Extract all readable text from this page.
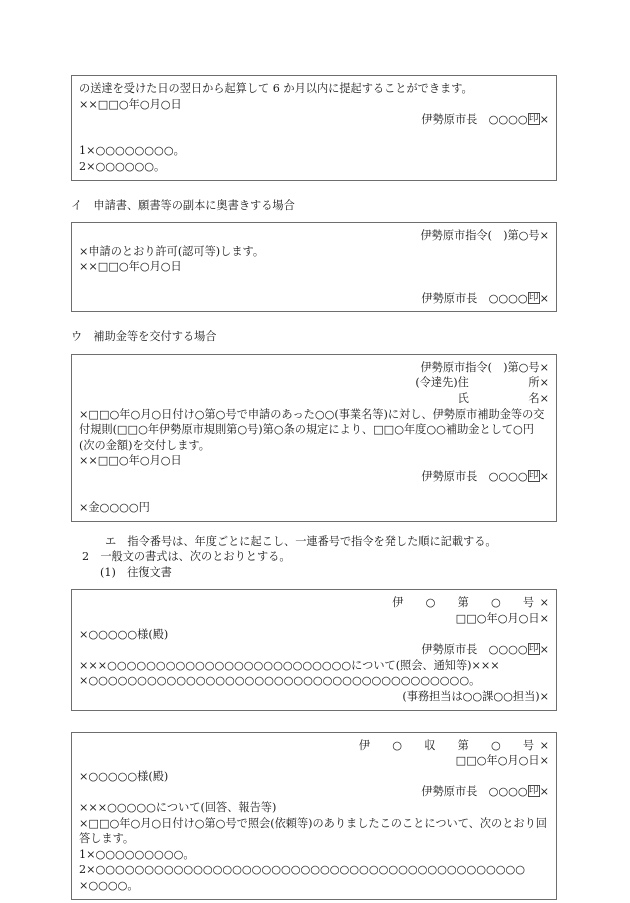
の送達を受けた日の翌日から起算して 6 か月以内に提起することができます。
××□□○年○月○日
伊勢原市長　 ○○○○印×
1×○○○○○○○○。
2×○○○○○○。
イ　 申請書、願書等の副本に奥書きする場合
伊勢原市指令(　)第○号×
×申請のとおり許可(認可等)します。
××□□○年○月○日
伊勢原市長　 ○○○○印×
ウ　 補助金等を交付する場合
伊勢原市指令(　)第○号×
(令達先) 住	所 ×
氏	名 ×
×□□○年○月○日付け○第○号で申請のあった○○(事業名等)に対し、伊勢原市補助金等の交付規則(□□○年伊勢原市規則第○号)第○条の規定により、□□○年度○○補助金として○円(次の金額)を交付します。
××□□○年○月○日
伊勢原市長　 ○○○○印×
×金○○○○円
エ　 指令番号は、年度ごとに起こし、一連番号で指令を発した順に記載する。
2　 一般文の書式は、次のとおりとする。
(1)　 往復文書
伊　○　第　○　号×
□□○年○月○日×
×○○○○○様(殿)
伊勢原市長　 ○○○○印×
×××○○○○○○○○○○○○○○○○○○○○○○○○○について(照会、通知等)×××
×○○○○○○○○○○○○○○○○○○○○○○○○○○○○○○○○○○○○○○○。
(事務担当は○○課○○担当)×
伊　○　収　第　○　号×
□□○年○月○日×
×○○○○○様(殿)
伊勢原市長　 ○○○○印×
×××○○○○○について(回答、報告等)
×□□○年○月○日付け○第○号で照会(依頼等)のありましたこのことについて、次のとおり回答します。
1×○○○○○○○○○。
2×○○○○○○○○○○○○○○○○○○○○○○○○○○○○○○○○○○○○○○○○○○○○
×○○○○。
